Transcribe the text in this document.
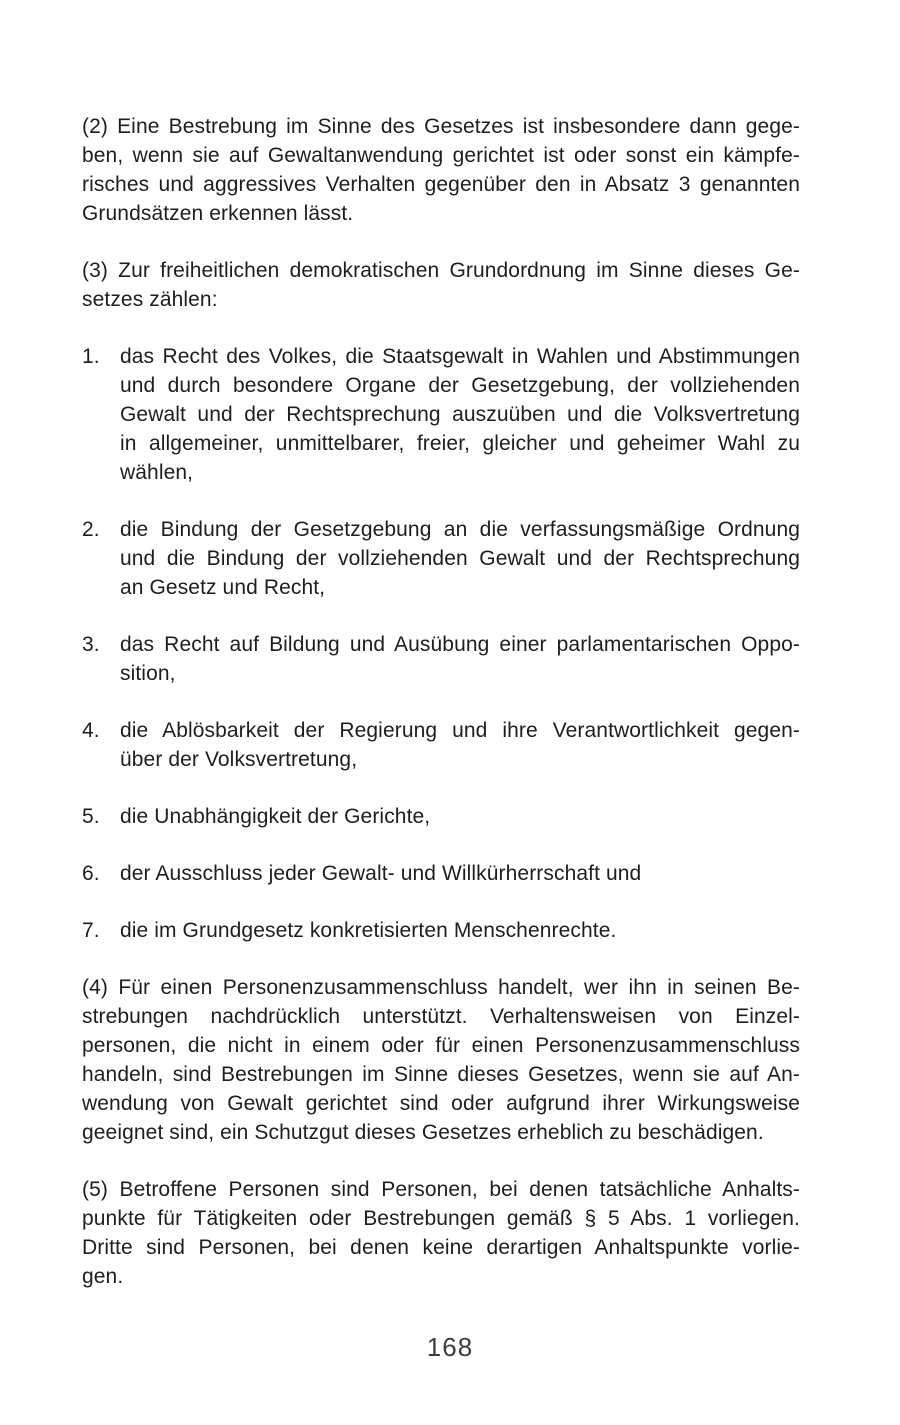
(2) Eine Bestrebung im Sinne des Gesetzes ist insbesondere dann gege-
ben, wenn sie auf Gewaltanwendung gerichtet ist oder sonst ein kämpfe-
risches und aggressives Verhalten gegenüber den in Absatz 3 genannten
Grundsätzen erkennen lässt.
(3) Zur freiheitlichen demokratischen Grundordnung im Sinne dieses Ge-
setzes zählen:
1. das Recht des Volkes, die Staatsgewalt in Wahlen und Abstimmungen
und durch besondere Organe der Gesetzgebung, der vollziehenden
Gewalt und der Rechtsprechung auszuüben und die Volksvertretung
in allgemeiner, unmittelbarer, freier, gleicher und geheimer Wahl zu
wählen,
2. die Bindung der Gesetzgebung an die verfassungsmäßige Ordnung
und die Bindung der vollziehenden Gewalt und der Rechtsprechung
an Gesetz und Recht,
3. das Recht auf Bildung und Ausübung einer parlamentarischen Oppo-
sition,
4. die Ablösbarkeit der Regierung und ihre Verantwortlichkeit gegen-
über der Volksvertretung,
5. die Unabhängigkeit der Gerichte,
6. der Ausschluss jeder Gewalt- und Willkürherrschaft und
7. die im Grundgesetz konkretisierten Menschenrechte.
(4) Für einen Personenzusammenschluss handelt, wer ihn in seinen Be-
strebungen nachdrücklich unterstützt. Verhaltensweisen von Einzel-
personen, die nicht in einem oder für einen Personenzusammenschluss
handeln, sind Bestrebungen im Sinne dieses Gesetzes, wenn sie auf An-
wendung von Gewalt gerichtet sind oder aufgrund ihrer Wirkungsweise
geeignet sind, ein Schutzgut dieses Gesetzes erheblich zu beschädigen.
(5) Betroffene Personen sind Personen, bei denen tatsächliche Anhalts-
punkte für Tätigkeiten oder Bestrebungen gemäß § 5 Abs. 1 vorliegen.
Dritte sind Personen, bei denen keine derartigen Anhaltspunkte vorlie-
gen.
168
